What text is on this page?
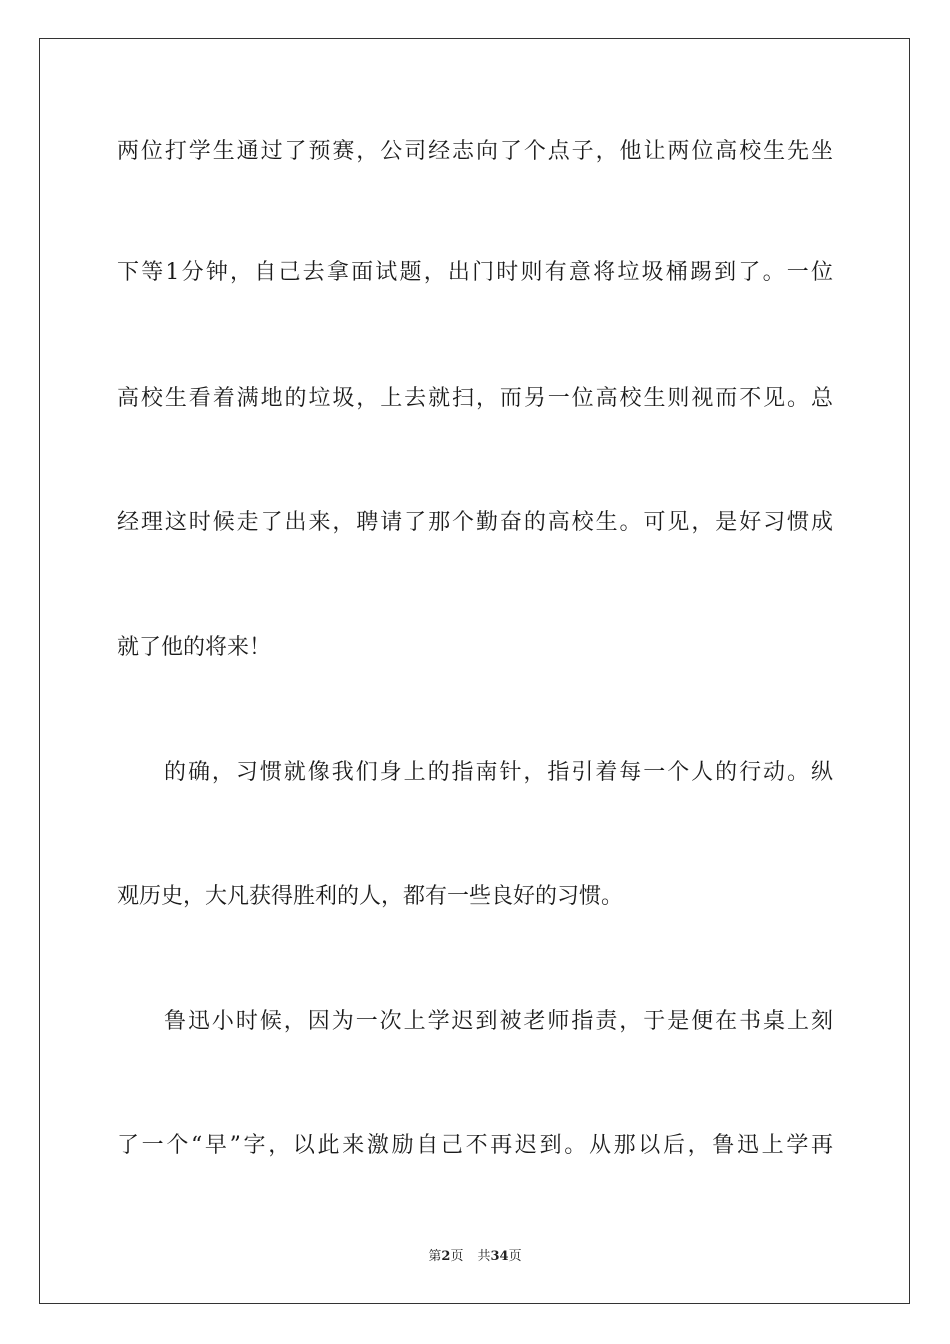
两位打学生通过了预赛，公司经志向了个点子，他让两位高校生先坐
下等1分钟，自己去拿面试题，出门时则有意将垃圾桶踢到了。一位
高校生看着满地的垃圾，上去就扫，而另一位高校生则视而不见。总
经理这时候走了出来，聘请了那个勤奋的高校生。可见，是好习惯成
就了他的将来！
的确，习惯就像我们身上的指南针，指引着每一个人的行动。纵
观历史，大凡获得胜利的人，都有一些良好的习惯。
鲁迅小时候，因为一次上学迟到被老师指责，于是便在书桌上刻
了一个“早”字，以此来激励自己不再迟到。从那以后，鲁迅上学再
第2页 共34页
